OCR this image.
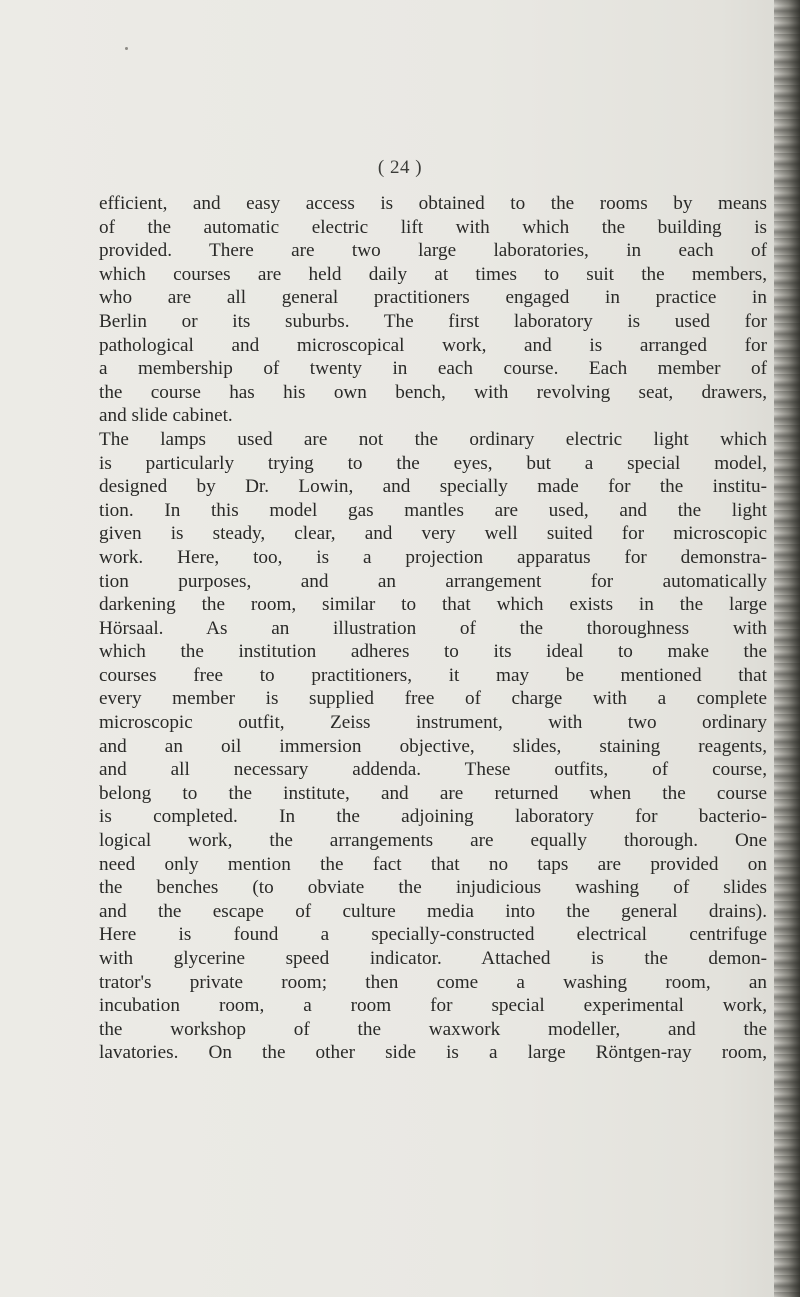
( 24 )
efficient, and easy access is obtained to the rooms by means
of the automatic electric lift with which the building is
provided. There are two large laboratories, in each of
which courses are held daily at times to suit the members,
who are all general practitioners engaged in practice in
Berlin or its suburbs. The first laboratory is used for
pathological and microscopical work, and is arranged for
a membership of twenty in each course. Each member of
the course has his own bench, with revolving seat, drawers,
and slide cabinet.
The lamps used are not the ordinary electric light which
is particularly trying to the eyes, but a special model,
designed by Dr. Lowin, and specially made for the institu-
tion. In this model gas mantles are used, and the light
given is steady, clear, and very well suited for microscopic
work. Here, too, is a projection apparatus for demonstra-
tion purposes, and an arrangement for automatically
darkening the room, similar to that which exists in the large
Hörsaal. As an illustration of the thoroughness with
which the institution adheres to its ideal to make the
courses free to practitioners, it may be mentioned that
every member is supplied free of charge with a complete
microscopic outfit, Zeiss instrument, with two ordinary
and an oil immersion objective, slides, staining reagents,
and all necessary addenda. These outfits, of course,
belong to the institute, and are returned when the course
is completed. In the adjoining laboratory for bacterio-
logical work, the arrangements are equally thorough. One
need only mention the fact that no taps are provided on
the benches (to obviate the injudicious washing of slides
and the escape of culture media into the general drains).
Here is found a specially-constructed electrical centrifuge
with glycerine speed indicator. Attached is the demon-
trator's private room; then come a washing room, an
incubation room, a room for special experimental work,
the workshop of the waxwork modeller, and the
lavatories. On the other side is a large Röntgen-ray room,
